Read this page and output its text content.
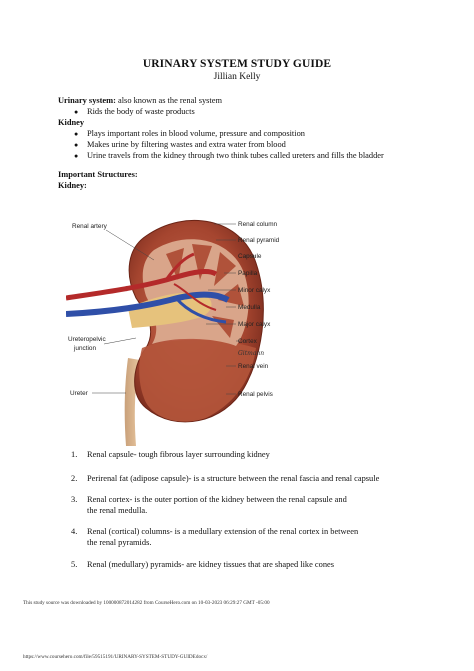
URINARY SYSTEM STUDY GUIDE
Jillian Kelly
Urinary system: also known as the renal system
● Rids the body of waste products
Kidney
● Plays important roles in blood volume, pressure and composition
● Makes urine by filtering wastes and extra water from blood
● Urine travels from the kidney through two think tubes called ureters and fills the bladder
Important Structures:
Kidney:
Renal artery
Ureteropelvic
junction
Ureter
Renal column
Renal pyramid
Capsule
Papilla
Minor calyx
Medulla
Major calyx
Cortex
Renal vein
Renal pelvis
Gitmann
1. Renal capsule- tough fibrous layer surrounding kidney
2. Perirenal fat (adipose capsule)- is a structure between the renal fascia and renal capsule
3. Renal cortex- is the outer portion of the kidney between the renal capsule and
the renal medulla.
4. Renal (cortical) columns- is a medullary extension of the renal cortex in between
the renal pyramids.
5. Renal (medullary) pyramids- are kidney tissues that are shaped like cones
This study source was downloaded by 100000872014282 from CourseHero.com on 10-03-2023 06:29:27 GMT -05:00
https://www.coursehero.com/file/59515191/URINARY-SYSTEM-STUDY-GUIDEdocx/
